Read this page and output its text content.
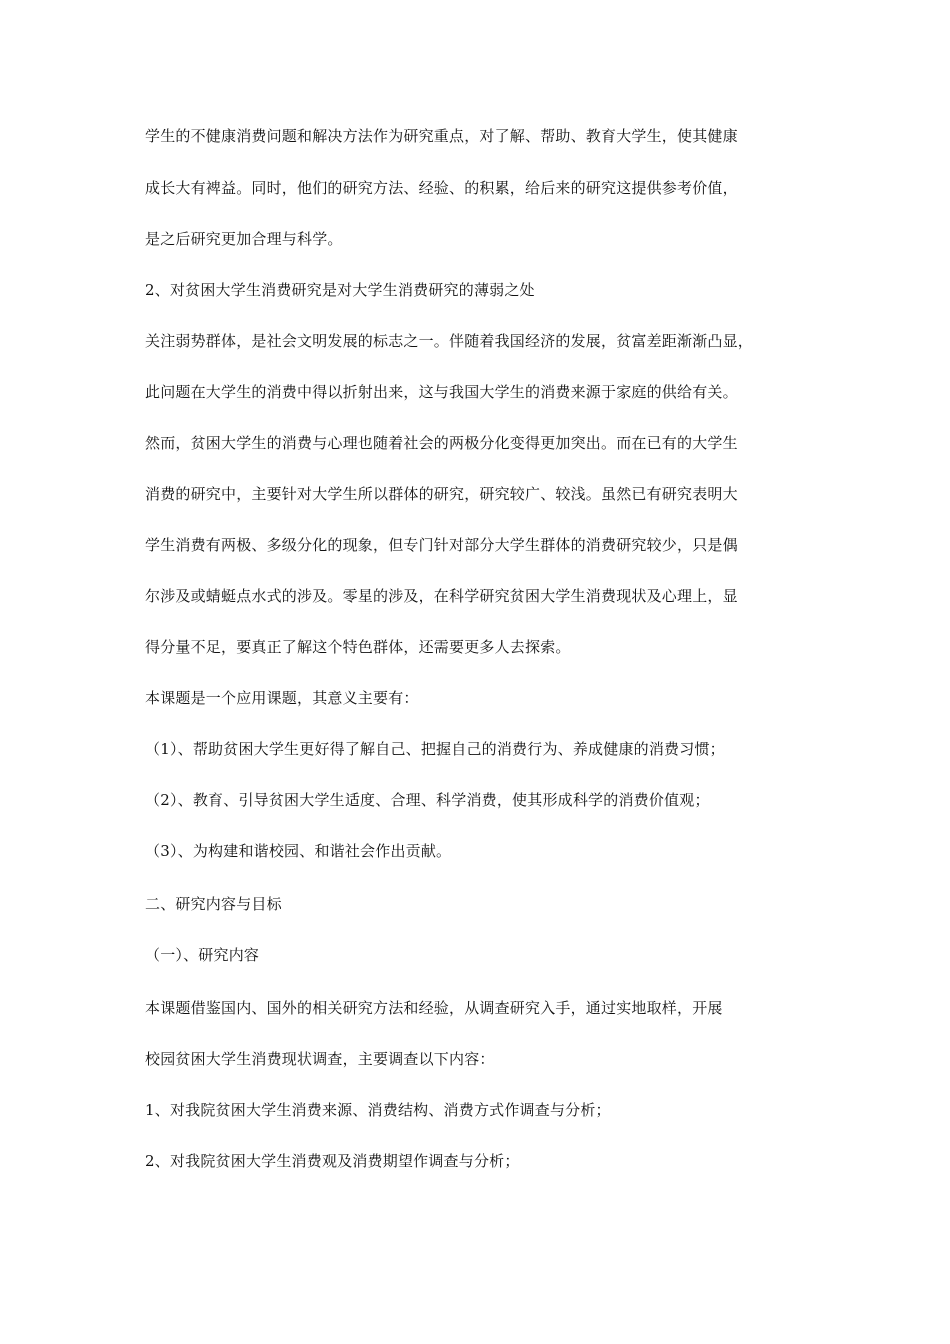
学生的不健康消费问题和解决方法作为研究重点，对了解、帮助、教育大学生，使其健康
成长大有裨益。同时，他们的研究方法、经验、的积累，给后来的研究这提供参考价值，
是之后研究更加合理与科学。
2、对贫困大学生消费研究是对大学生消费研究的薄弱之处
关注弱势群体，是社会文明发展的标志之一。伴随着我国经济的发展，贫富差距渐渐凸显，
此问题在大学生的消费中得以折射出来，这与我国大学生的消费来源于家庭的供给有关。
然而，贫困大学生的消费与心理也随着社会的两极分化变得更加突出。而在已有的大学生
消费的研究中，主要针对大学生所以群体的研究，研究较广、较浅。虽然已有研究表明大
学生消费有两极、多级分化的现象，但专门针对部分大学生群体的消费研究较少，只是偶
尔涉及或蜻蜓点水式的涉及。零星的涉及，在科学研究贫困大学生消费现状及心理上，显
得分量不足，要真正了解这个特色群体，还需要更多人去探索。
本课题是一个应用课题，其意义主要有：
（1）、帮助贫困大学生更好得了解自己、把握自己的消费行为、养成健康的消费习惯；
（2）、教育、引导贫困大学生适度、合理、科学消费，使其形成科学的消费价值观；
（3）、为构建和谐校园、和谐社会作出贡献。
二、研究内容与目标
（一）、研究内容
本课题借鉴国内、国外的相关研究方法和经验，从调查研究入手，通过实地取样，开展
校园贫困大学生消费现状调查，主要调查以下内容：
1、对我院贫困大学生消费来源、消费结构、消费方式作调查与分析；
2、对我院贫困大学生消费观及消费期望作调查与分析；
